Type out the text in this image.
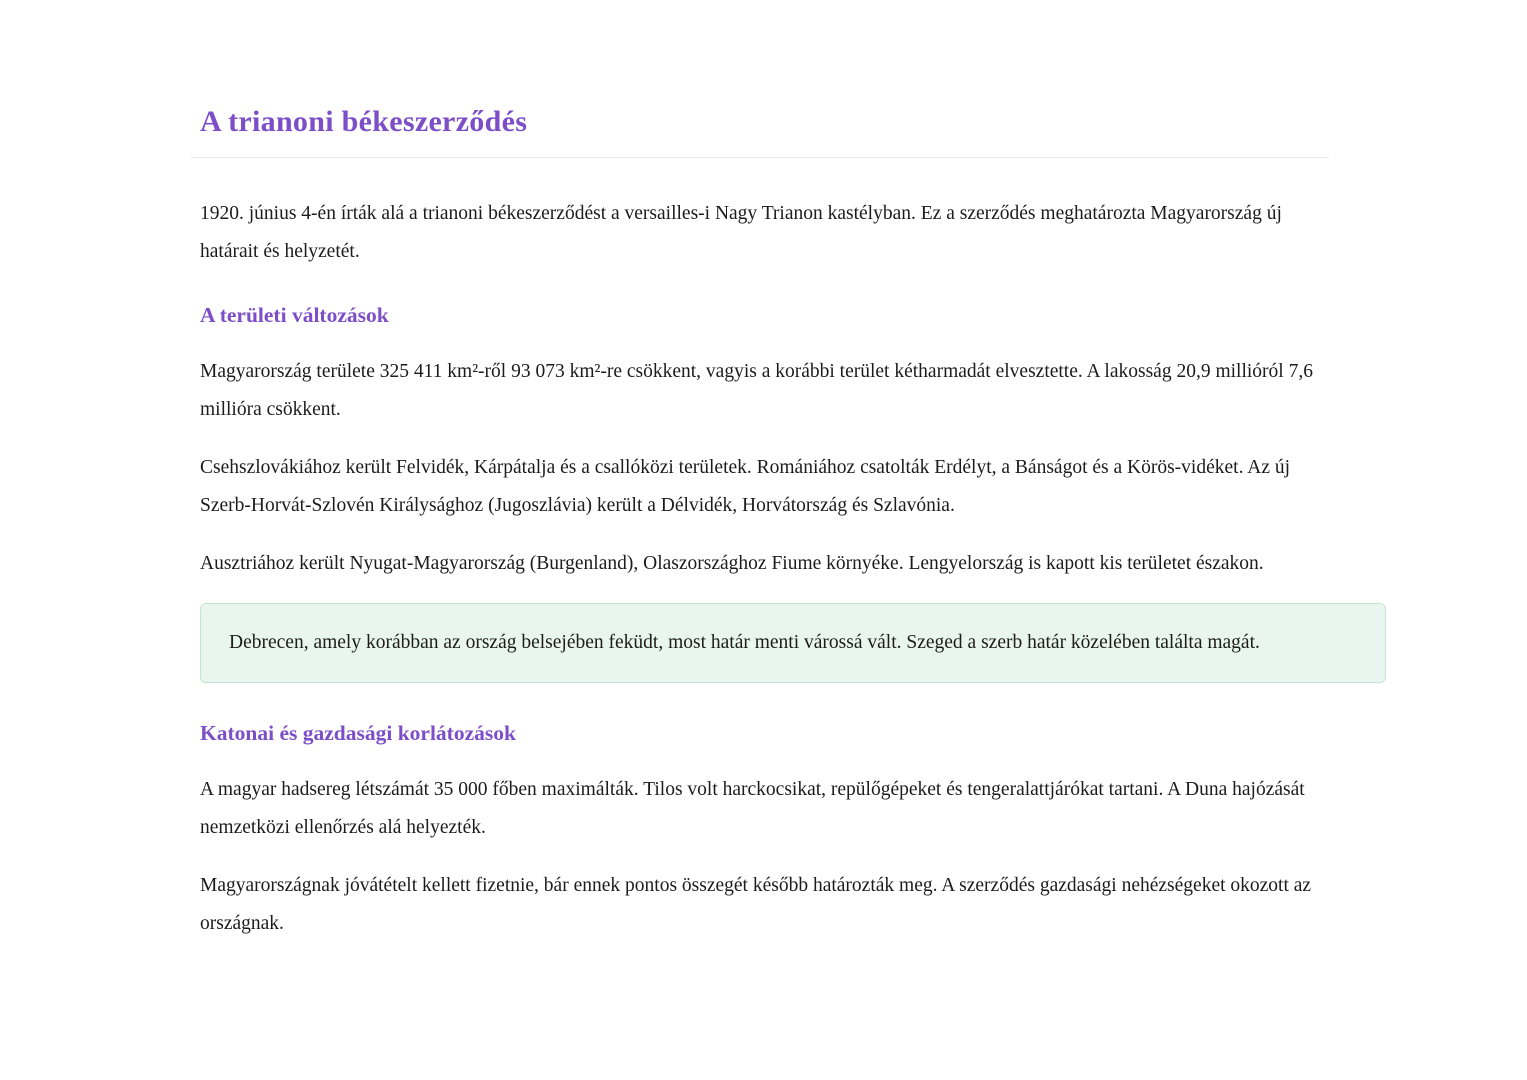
A trianoni békeszerződés

1920. június 4-én írták alá a trianoni békeszerződést a versailles-i Nagy Trianon kastélyban. Ez a szerződés meghatározta Magyarország új határait és helyzetét.

A területi változások

Magyarország területe 325 411 km²-ről 93 073 km²-re csökkent, vagyis a korábbi terület kétharmadát elvesztette. A lakosság 20,9 millióról 7,6 millióra csökkent.

Csehszlovákiához került Felvidék, Kárpátalja és a csallóközi területek. Romániához csatolták Erdélyt, a Bánságot és a Körös-vidéket. Az új Szerb-Horvát-Szlovén Királysághoz (Jugoszlávia) került a Délvidék, Horvátország és Szlavónia.

Ausztriához került Nyugat-Magyarország (Burgenland), Olaszországhoz Fiume környéke. Lengyelország is kapott kis területet északon.

Debrecen, amely korábban az ország belsejében feküdt, most határ menti várossá vált. Szeged a szerb határ közelében találta magát.

Katonai és gazdasági korlátozások

A magyar hadsereg létszámát 35 000 főben maximálták. Tilos volt harckocsikat, repülőgépeket és tengeralattjárókat tartani. A Duna hajózását nemzetközi ellenőrzés alá helyezték.

Magyarországnak jóvátételt kellett fizetnie, bár ennek pontos összegét később határozták meg. A szerződés gazdasági nehézségeket okozott az országnak.
